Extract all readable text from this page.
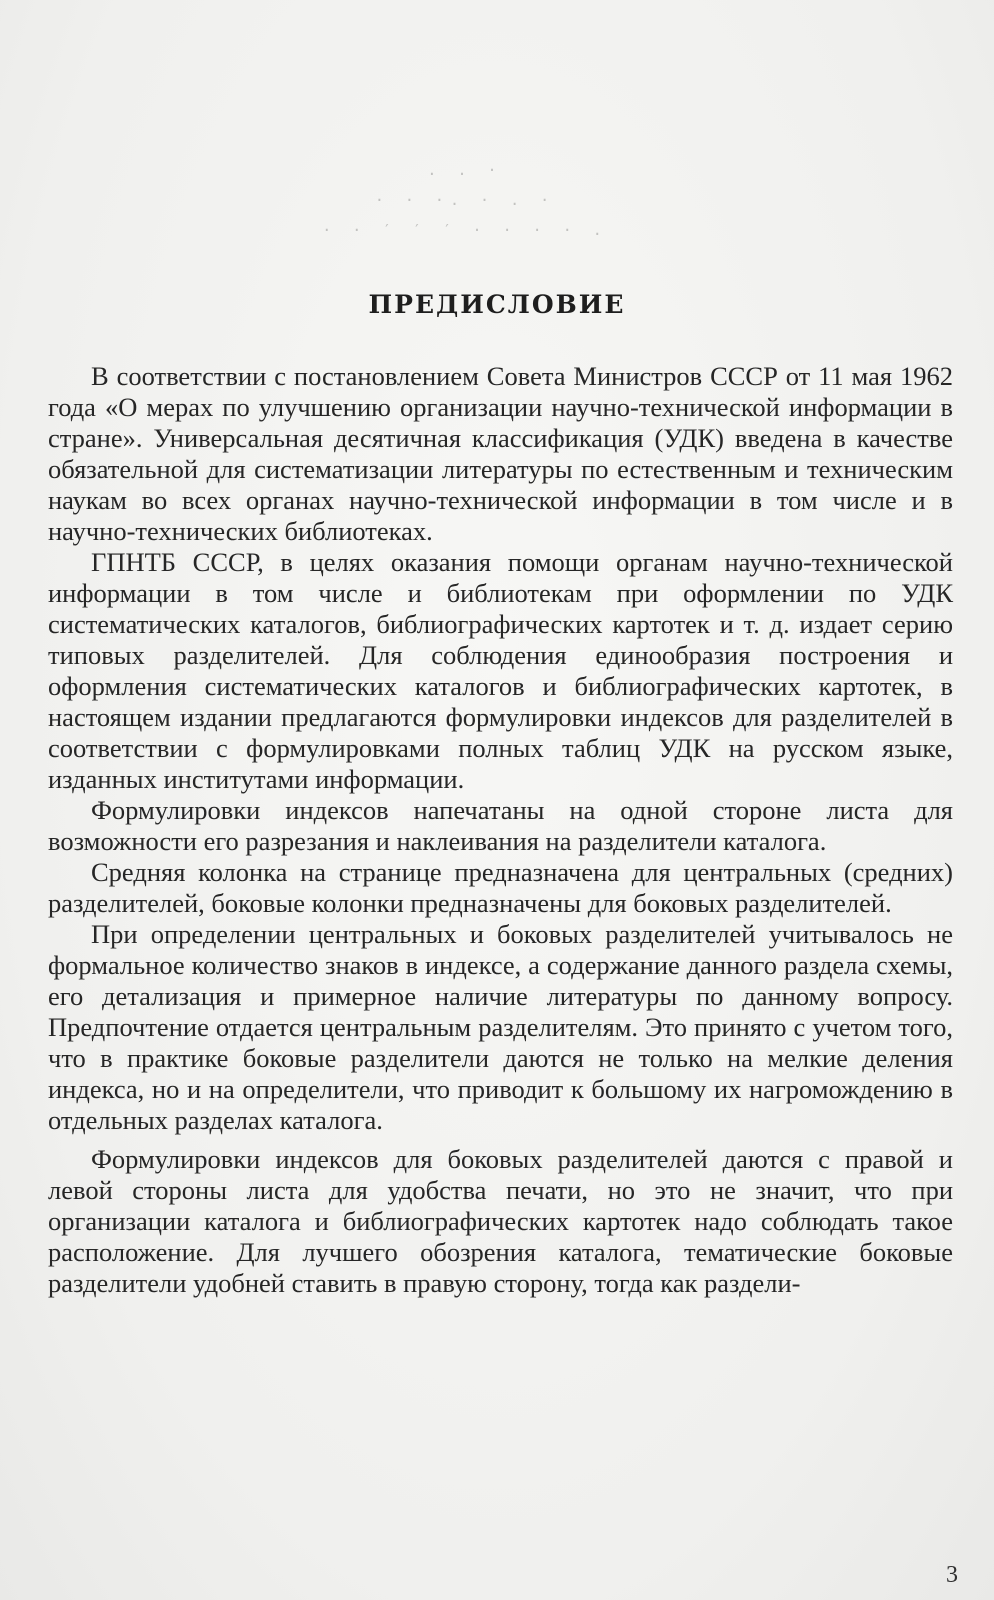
. . ·
· · ·. · . ·
· · ′ ′ ′ · · · · .
ПРЕДИСЛОВИЕ

В соответствии с постановлением Совета Министров СССР от 11 мая 1962 года «О мерах по улучшению организации научно-технической информации в стране». Универсальная десятичная классификация (УДК) введена в качестве обязательной для систематизации литературы по естественным и техническим наукам во всех органах научно-технической информации в том числе и в научно-технических библиотеках.

ГПНТБ СССР, в целях оказания помощи органам научно-технической информации в том числе и библиотекам при оформлении по УДК систематических каталогов, библиографических картотек и т. д. издает серию типовых разделителей. Для соблюдения единообразия построения и оформления систематических каталогов и библиографических картотек, в настоящем издании предлагаются формулировки индексов для разделителей в соответствии с формулировками полных таблиц УДК на русском языке, изданных институтами информации.

Формулировки индексов напечатаны на одной стороне листа для возможности его разрезания и наклеивания на разделители каталога.

Средняя колонка на странице предназначена для центральных (средних) разделителей, боковые колонки предназначены для боковых разделителей.

При определении центральных и боковых разделителей учитывалось не формальное количество знаков в индексе, а содержание данного раздела схемы, его детализация и примерное наличие литературы по данному вопросу. Предпочтение отдается центральным разделителям. Это принято с учетом того, что в практике боковые разделители даются не только на мелкие деления индекса, но и на определители, что приводит к большому их нагромождению в отдельных разделах каталога.

Формулировки индексов для боковых разделителей даются с правой и левой стороны листа для удобства печати, но это не значит, что при организации каталога и библиографических картотек надо соблюдать такое расположение. Для лучшего обозрения каталога, тематические боковые разделители удобней ставить в правую сторону, тогда как раздели-

3
